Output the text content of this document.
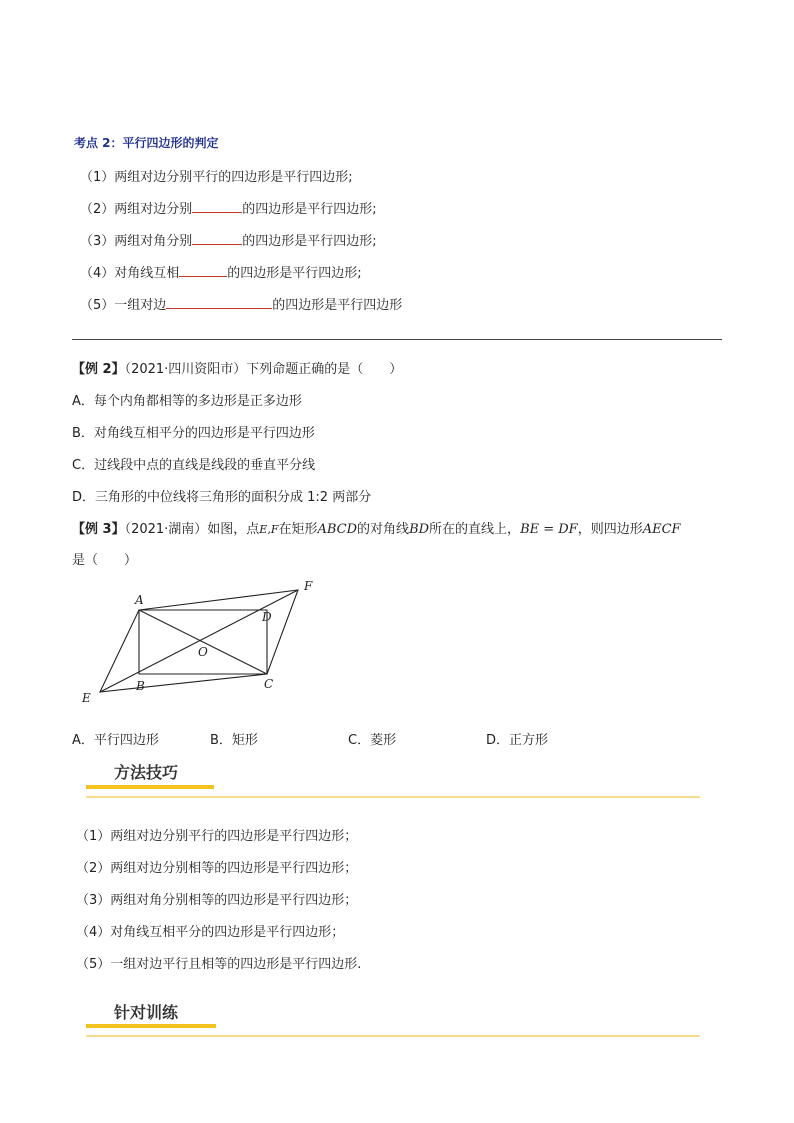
考点 2：平行四边形的判定
（1）两组对边分别平行的四边形是平行四边形;
（2）两组对边分别	的四边形是平行四边形;
（3）两组对角分别	的四边形是平行四边形;
（4）对角线互相	的四边形是平行四边形;
（5）一组对边	的四边形是平行四边形
【例 2】（2021·四川资阳市）下列命题正确的是（　　）
A．每个内角都相等的多边形是正多边形
B．对角线互相平分的四边形是平行四边形
C．过线段中点的直线是线段的垂直平分线
D．三角形的中位线将三角形的面积分成 1:2 两部分
【例 3】（2021·湖南）如图，点E,F在矩形ABCD的对角线BD所在的直线上，BE = DF，则四边形AECF
是（　　）
A
B	C
D
E
F
O
A．平行四边形	B．矩形	C．菱形	D．正方形
方法技巧
（1）两组对边分别平行的四边形是平行四边形；
（2）两组对边分别相等的四边形是平行四边形；
（3）两组对角分别相等的四边形是平行四边形；
（4）对角线互相平分的四边形是平行四边形；
（5）一组对边平行且相等的四边形是平行四边形.
针对训练
